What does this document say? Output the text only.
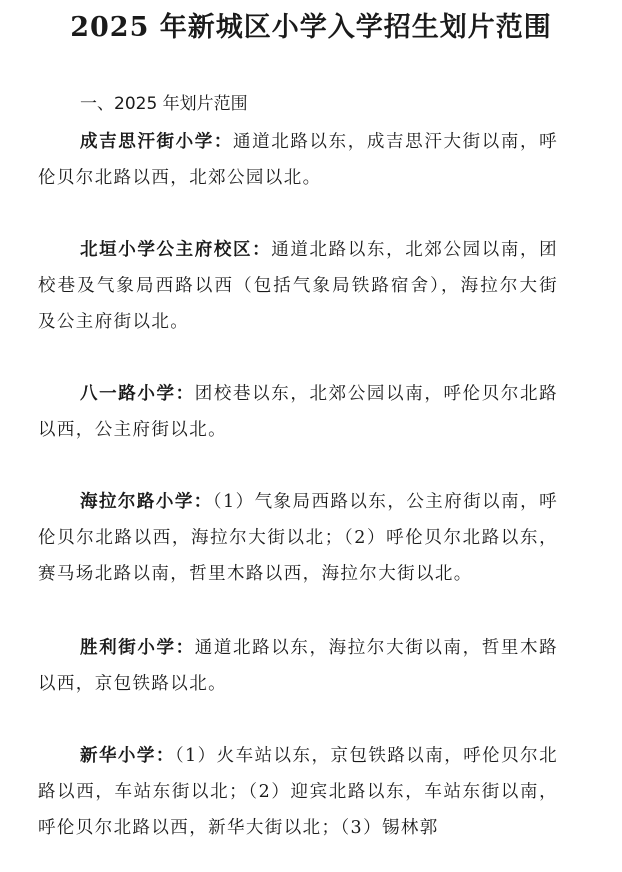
2025 年新城区小学入学招生划片范围
一、2025 年划片范围
成吉思汗街小学：通道北路以东，成吉思汗大街以南，呼伦贝尔北路以西，北郊公园以北。
北垣小学公主府校区：通道北路以东，北郊公园以南，团校巷及气象局西路以西（包括气象局铁路宿舍），海拉尔大街及公主府街以北。
八一路小学：团校巷以东，北郊公园以南，呼伦贝尔北路以西，公主府街以北。
海拉尔路小学：（1）气象局西路以东，公主府街以南，呼伦贝尔北路以西，海拉尔大街以北；（2）呼伦贝尔北路以东，赛马场北路以南，哲里木路以西，海拉尔大街以北。
胜利街小学：通道北路以东，海拉尔大街以南，哲里木路以西，京包铁路以北。
新华小学：（1）火车站以东，京包铁路以南，呼伦贝尔北路以西，车站东街以北；（2）迎宾北路以东，车站东街以南，呼伦贝尔北路以西，新华大街以北；（3）锡林郭
